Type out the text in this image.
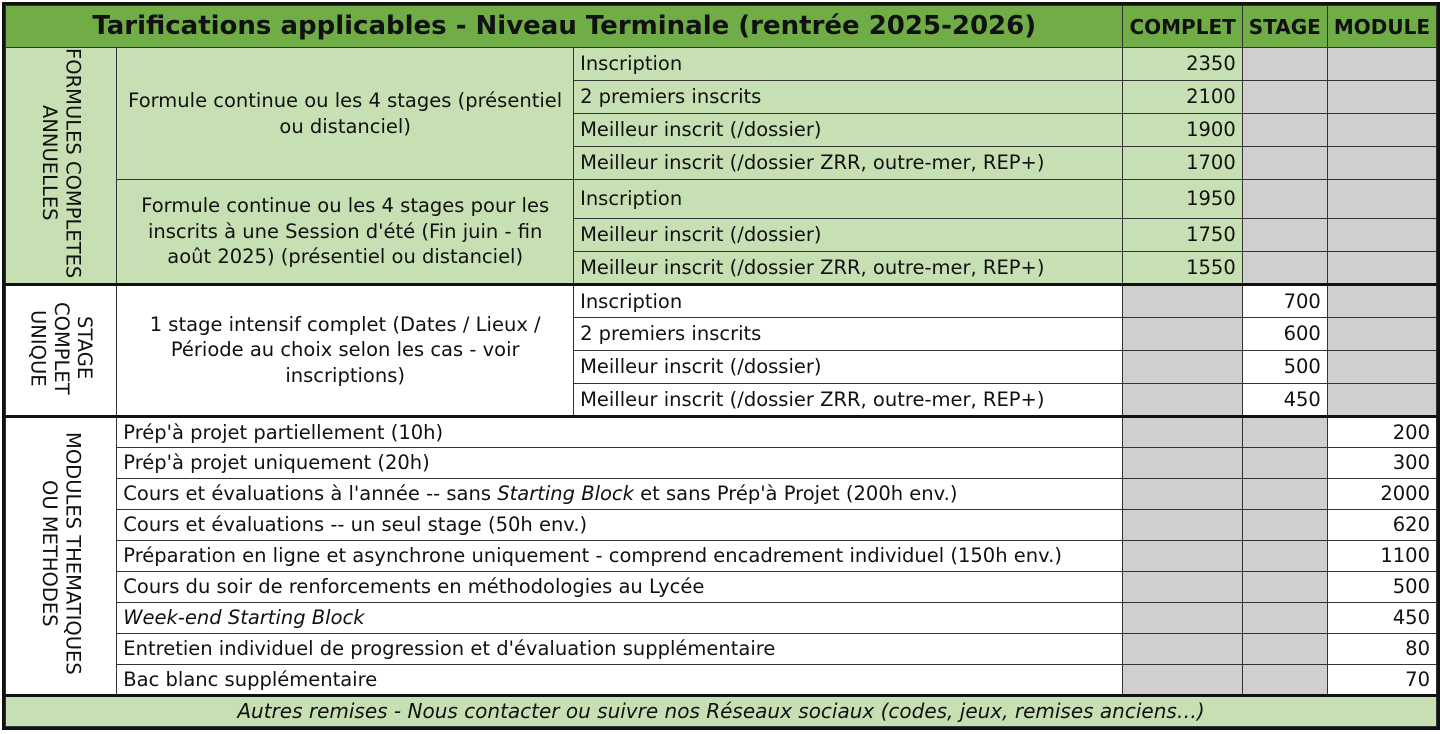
Tarifications applicables - Niveau Terminale (rentrée 2025-2026)			COMPLET	STAGE	MODULE
FORMULES COMPLETES
ANNUELLES	Formule continue ou les 4 stages (présentiel ou distanciel)	Inscription	2350		
		2 premiers inscrits	2100		
		Meilleur inscrit (/dossier)	1900		
		Meilleur inscrit (/dossier ZRR, outre-mer, REP+)	1700		
	Formule continue ou les 4 stages pour les inscrits à une Session d'été (Fin juin - fin août 2025) (présentiel ou distanciel)	Inscription	1950		
		Meilleur inscrit (/dossier)	1750		
		Meilleur inscrit (/dossier ZRR, outre-mer, REP+)	1550		
STAGE
COMPLET
UNIQUE	1 stage intensif complet (Dates / Lieux / Période au choix selon les cas - voir inscriptions)	Inscription		700	
		2 premiers inscrits		600	
		Meilleur inscrit (/dossier)		500	
		Meilleur inscrit (/dossier ZRR, outre-mer, REP+)		450	
MODULES THEMATIQUES
OU METHODES	Prép'à projet partiellement (10h)				200
	Prép'à projet uniquement (20h)				300
	Cours et évaluations à l'année -- sans Starting Block et sans Prép'à Projet (200h env.)				2000
	Cours et évaluations -- un seul stage (50h env.)				620
	Préparation en ligne et asynchrone uniquement - comprend encadrement individuel (150h env.)				1100
	Cours du soir de renforcements en méthodologies au Lycée				500
	Week-end Starting Block				450
	Entretien individuel de progression et d'évaluation supplémentaire				80
	Bac blanc supplémentaire				70
Autres remises - Nous contacter ou suivre nos Réseaux sociaux (codes, jeux, remises anciens…)					
